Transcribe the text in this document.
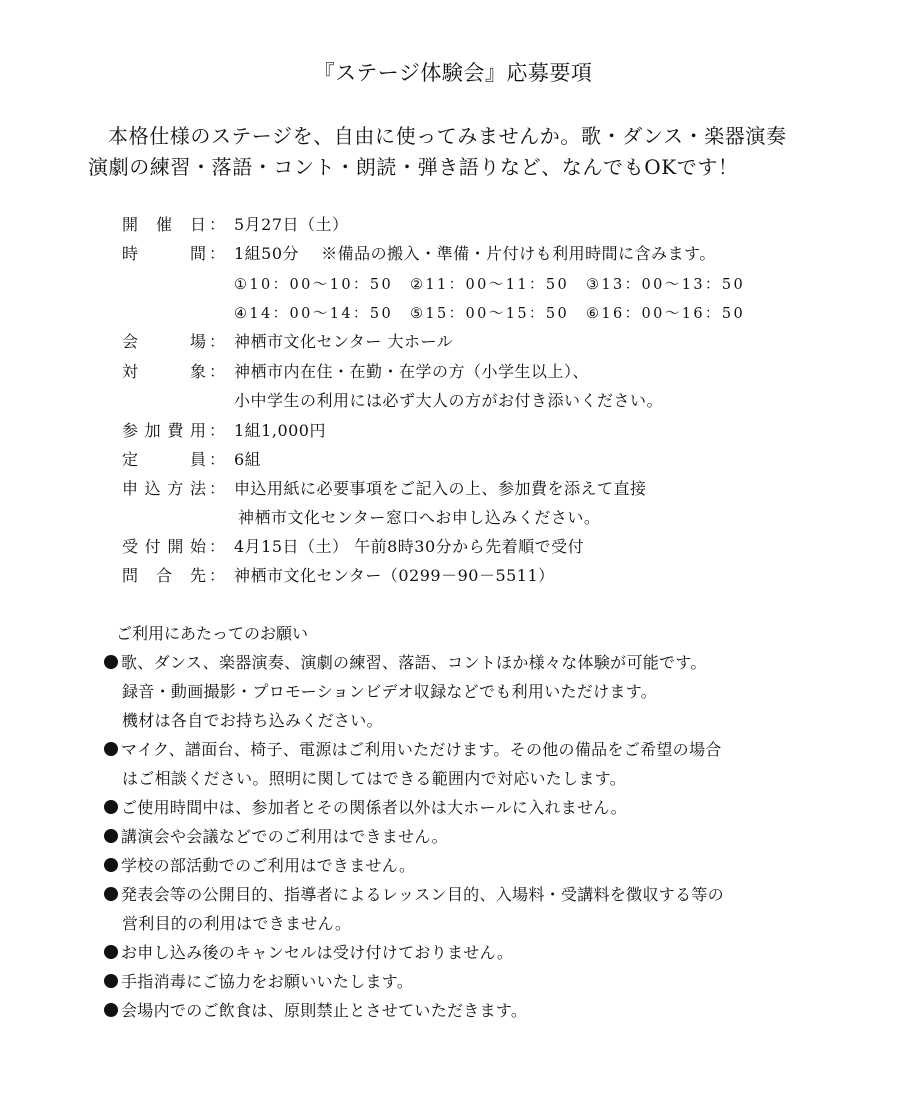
『ステージ体験会』応募要項
本格仕様のステージを、自由に使ってみませんか。歌・ダンス・楽器演奏
演劇の練習・落語・コント・朗読・弾き語りなど、なんでもOKです！
開 催 日 ： 5月27日（土）
時	間 ： 1組50分　 ※備品の搬入・準備・片付けも利用時間に含みます。
①10：00～10：50　②11：00～11：50　③13：00～13：50
④14：00～14：50　⑤15：00～15：50　⑥16：00～16：50
会	場 ： 神栖市文化センター 大ホール
対	象 ： 神栖市内在住・在勤・在学の方（小学生以上）、
小中学生の利用には必ず大人の方がお付き添いください。
参 加 費 用 ： 1組1,000円
定	員 ： 6組
申 込 方 法 ： 申込用紙に必要事項をご記入の上、参加費を添えて直接
神栖市文化センター窓口へお申し込みください。
受 付 開 始 ： 4月15日（土） 午前8時30分から先着順で受付
問 合 先 ： 神栖市文化センター（0299－90－5511）
ご利用にあたってのお願い
歌、ダンス、楽器演奏、演劇の練習、落語、コントほか様々な体験が可能です。
録音・動画撮影・プロモーションビデオ収録などでも利用いただけます。
機材は各自でお持ち込みください。
マイク、譜面台、椅子、電源はご利用いただけます。その他の備品をご希望の場合
はご相談ください。照明に関してはできる範囲内で対応いたします。
ご使用時間中は、参加者とその関係者以外は大ホールに入れません。
講演会や会議などでのご利用はできません。
学校の部活動でのご利用はできません。
発表会等の公開目的、指導者によるレッスン目的、入場料・受講料を徴収する等の
営利目的の利用はできません。
お申し込み後のキャンセルは受け付けておりません。
手指消毒にご協力をお願いいたします。
会場内でのご飲食は、原則禁止とさせていただきます。
